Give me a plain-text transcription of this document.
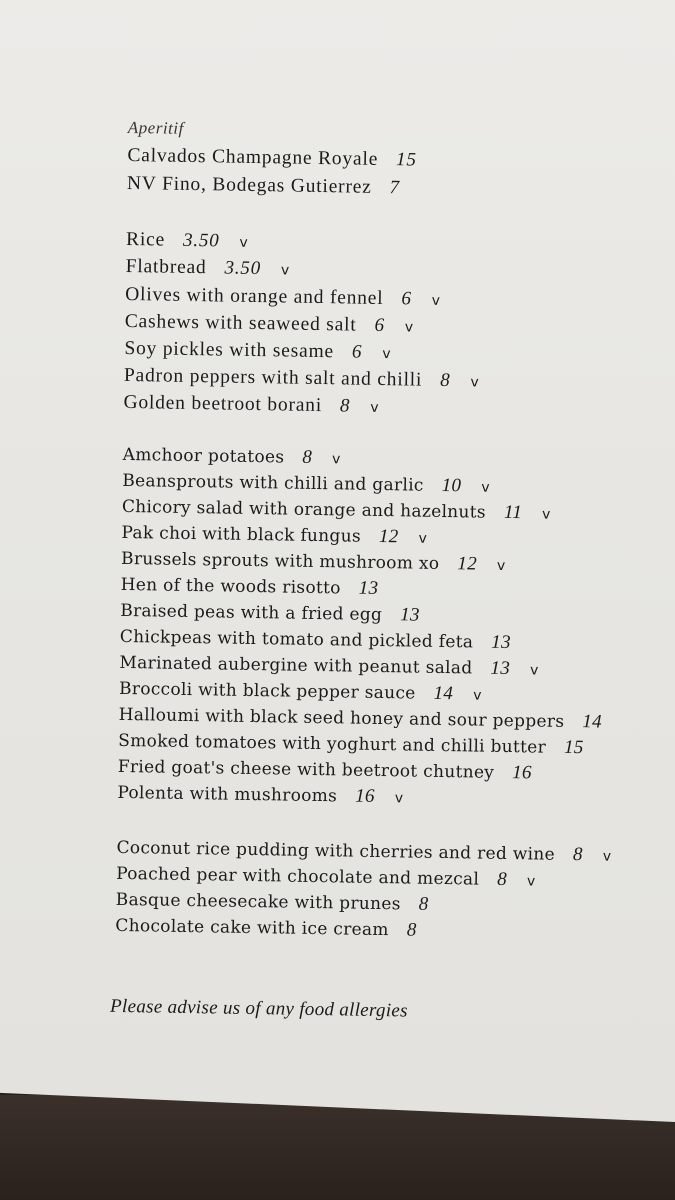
Aperitif
Calvados Champagne Royale 15
NV Fino, Bodegas Gutierrez 7
Rice 3.50 v
Flatbread 3.50 v
Olives with orange and fennel 6 v
Cashews with seaweed salt 6 v
Soy pickles with sesame 6 v
Padron peppers with salt and chilli 8 v
Golden beetroot borani 8 v
Amchoor potatoes 8 v
Beansprouts with chilli and garlic 10 v
Chicory salad with orange and hazelnuts 11 v
Pak choi with black fungus 12 v
Brussels sprouts with mushroom xo 12 v
Hen of the woods risotto 13
Braised peas with a fried egg 13
Chickpeas with tomato and pickled feta 13
Marinated aubergine with peanut salad 13 v
Broccoli with black pepper sauce 14 v
Halloumi with black seed honey and sour peppers 14
Smoked tomatoes with yoghurt and chilli butter 15
Fried goat's cheese with beetroot chutney 16
Polenta with mushrooms 16 v
Coconut rice pudding with cherries and red wine 8 v
Poached pear with chocolate and mezcal 8 v
Basque cheesecake with prunes 8
Chocolate cake with ice cream 8
Please advise us of any food allergies
